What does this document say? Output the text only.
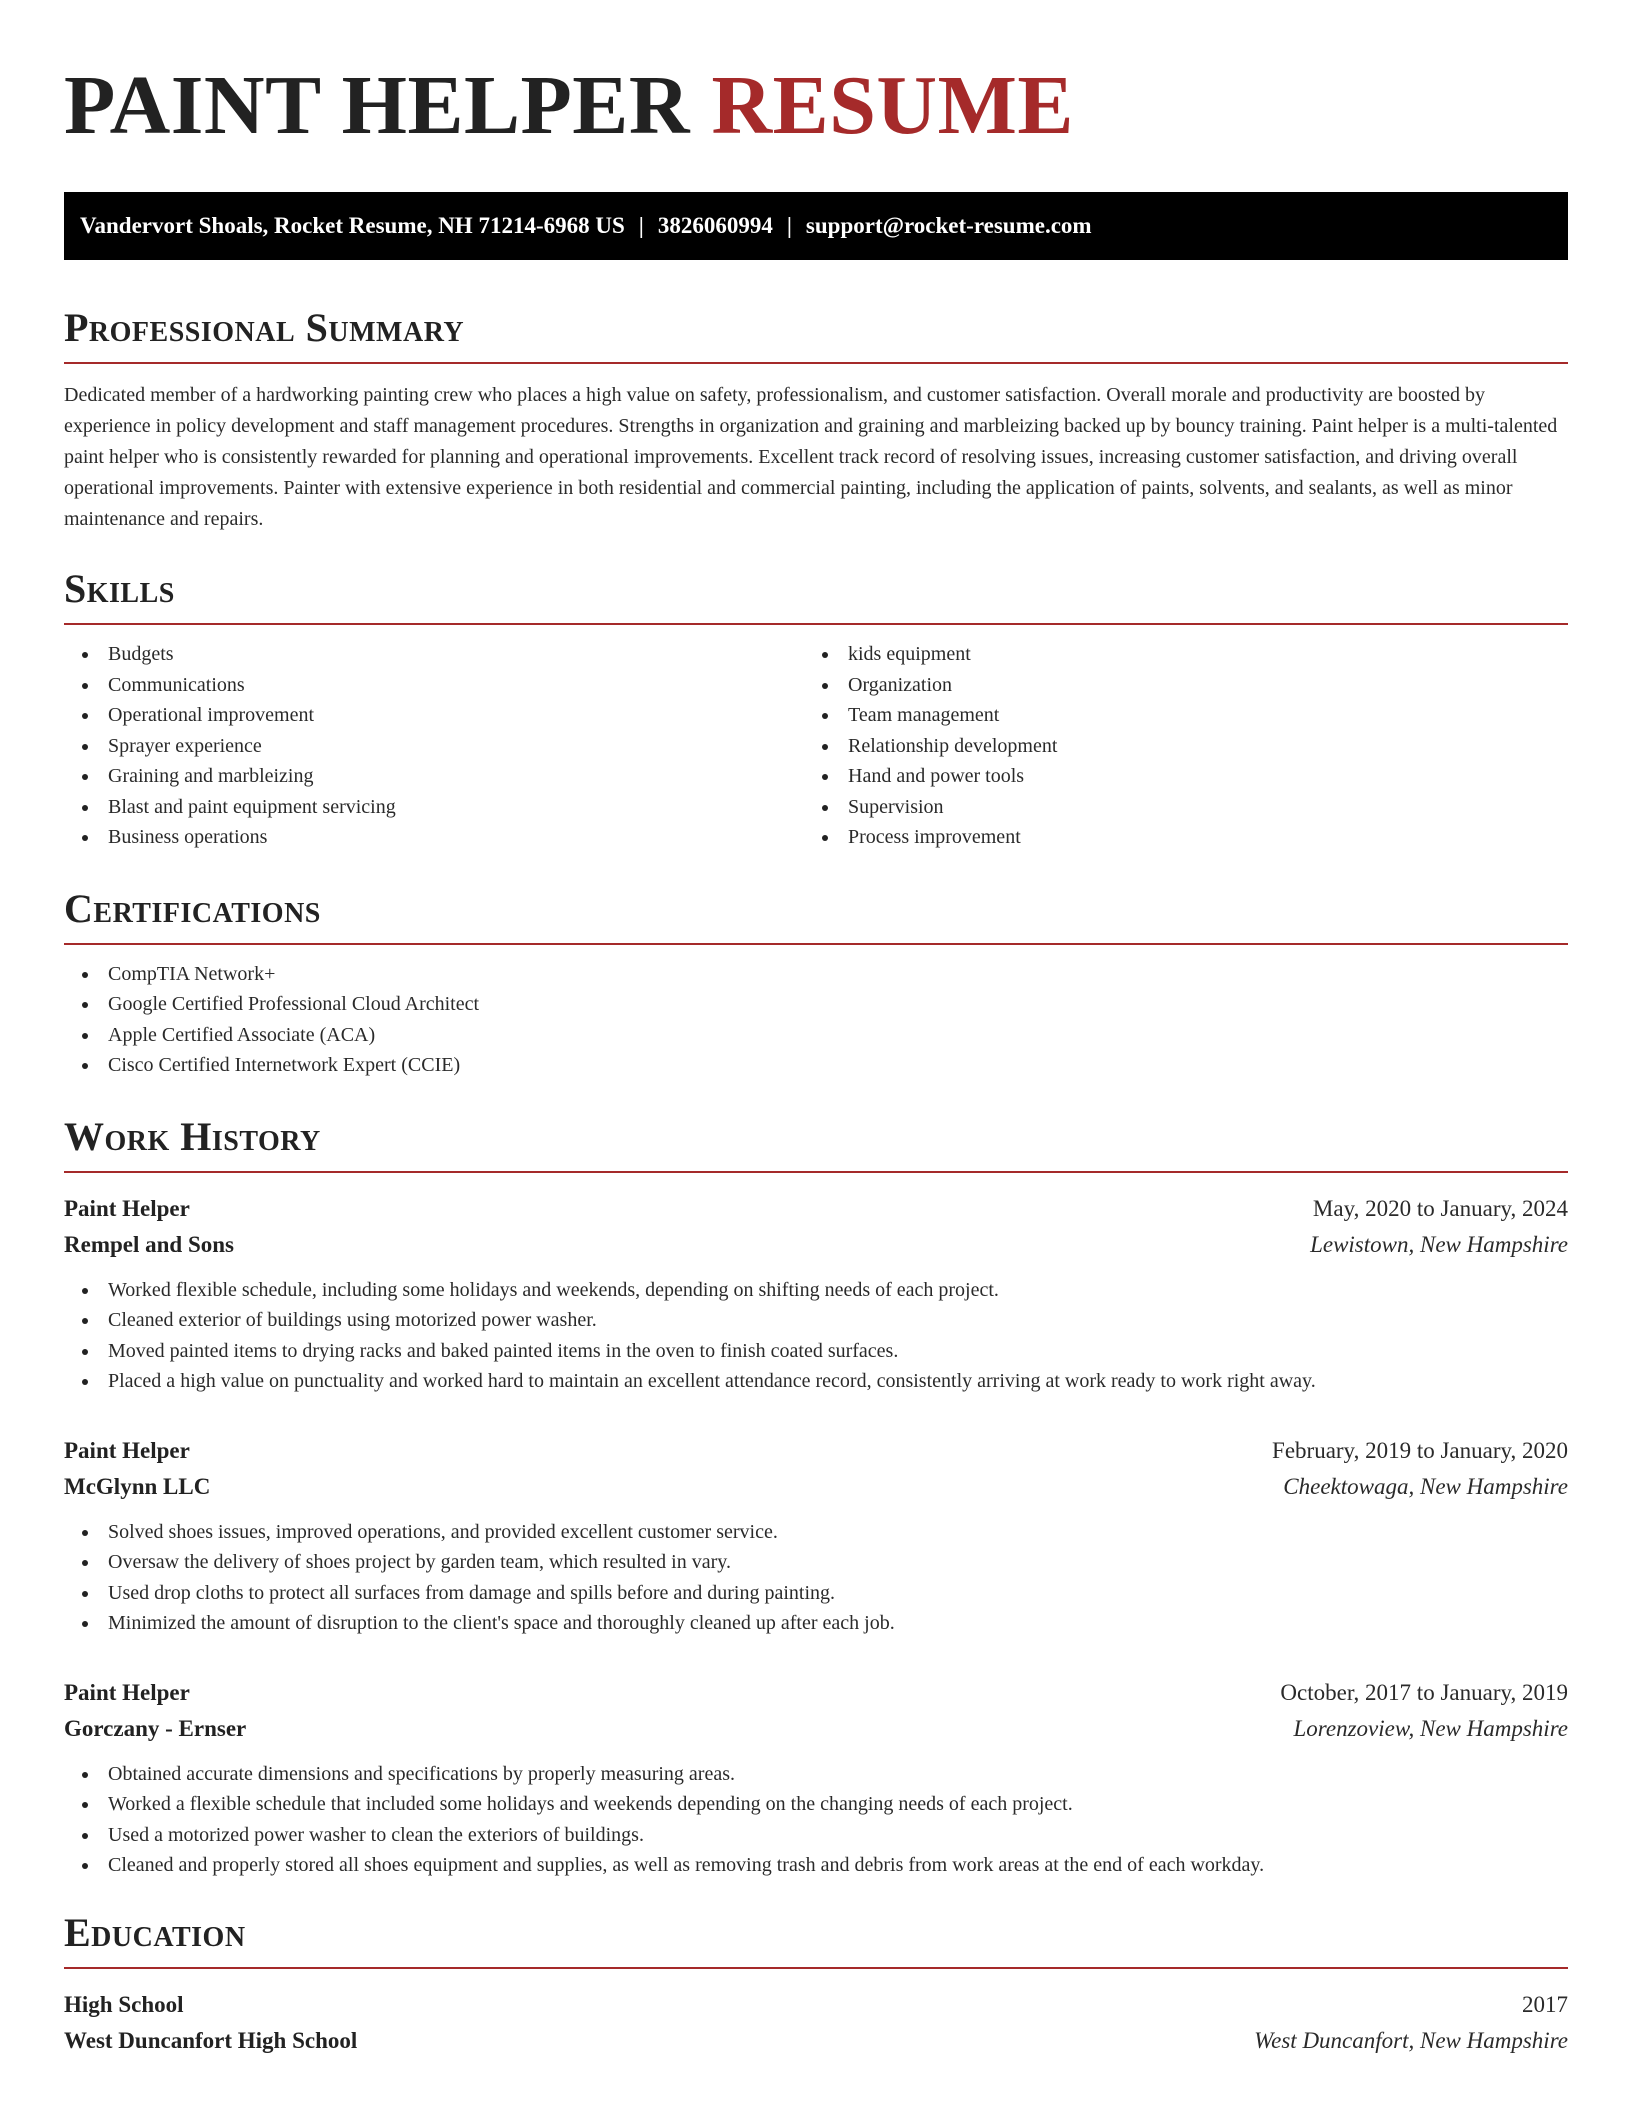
PAINT HELPER RESUME
Vandervort Shoals, Rocket Resume, NH 71214-6968 US | 3826060994 | support@rocket-resume.com
Professional Summary

Dedicated member of a hardworking painting crew who places a high value on safety, professionalism, and customer satisfaction. Overall morale and productivity are boosted by experience in policy development and staff management procedures. Strengths in organization and graining and marbleizing backed up by bouncy training. Paint helper is a multi-talented paint helper who is consistently rewarded for planning and operational improvements. Excellent track record of resolving issues, increasing customer satisfaction, and driving overall operational improvements. Painter with extensive experience in both residential and commercial painting, including the application of paints, solvents, and sealants, as well as minor maintenance and repairs.

Skills
Budgets
Communications
Operational improvement
Sprayer experience
Graining and marbleizing
Blast and paint equipment servicing
Business operations
kids equipment
Organization
Team management
Relationship development
Hand and power tools
Supervision
Process improvement
Certifications
CompTIA Network+
Google Certified Professional Cloud Architect
Apple Certified Associate (ACA)
Cisco Certified Internetwork Expert (CCIE)
Work History
Paint Helper	May, 2020 to January, 2024
Rempel and Sons	Lewistown, New Hampshire
Worked flexible schedule, including some holidays and weekends, depending on shifting needs of each project.
Cleaned exterior of buildings using motorized power washer.
Moved painted items to drying racks and baked painted items in the oven to finish coated surfaces.
Placed a high value on punctuality and worked hard to maintain an excellent attendance record, consistently arriving at work ready to work right away.
Paint Helper	February, 2019 to January, 2020
McGlynn LLC	Cheektowaga, New Hampshire
Solved shoes issues, improved operations, and provided excellent customer service.
Oversaw the delivery of shoes project by garden team, which resulted in vary.
Used drop cloths to protect all surfaces from damage and spills before and during painting.
Minimized the amount of disruption to the client's space and thoroughly cleaned up after each job.
Paint Helper	October, 2017 to January, 2019
Gorczany - Ernser	Lorenzoview, New Hampshire
Obtained accurate dimensions and specifications by properly measuring areas.
Worked a flexible schedule that included some holidays and weekends depending on the changing needs of each project.
Used a motorized power washer to clean the exteriors of buildings.
Cleaned and properly stored all shoes equipment and supplies, as well as removing trash and debris from work areas at the end of each workday.
Education
High School	2017
West Duncanfort High School	West Duncanfort, New Hampshire
